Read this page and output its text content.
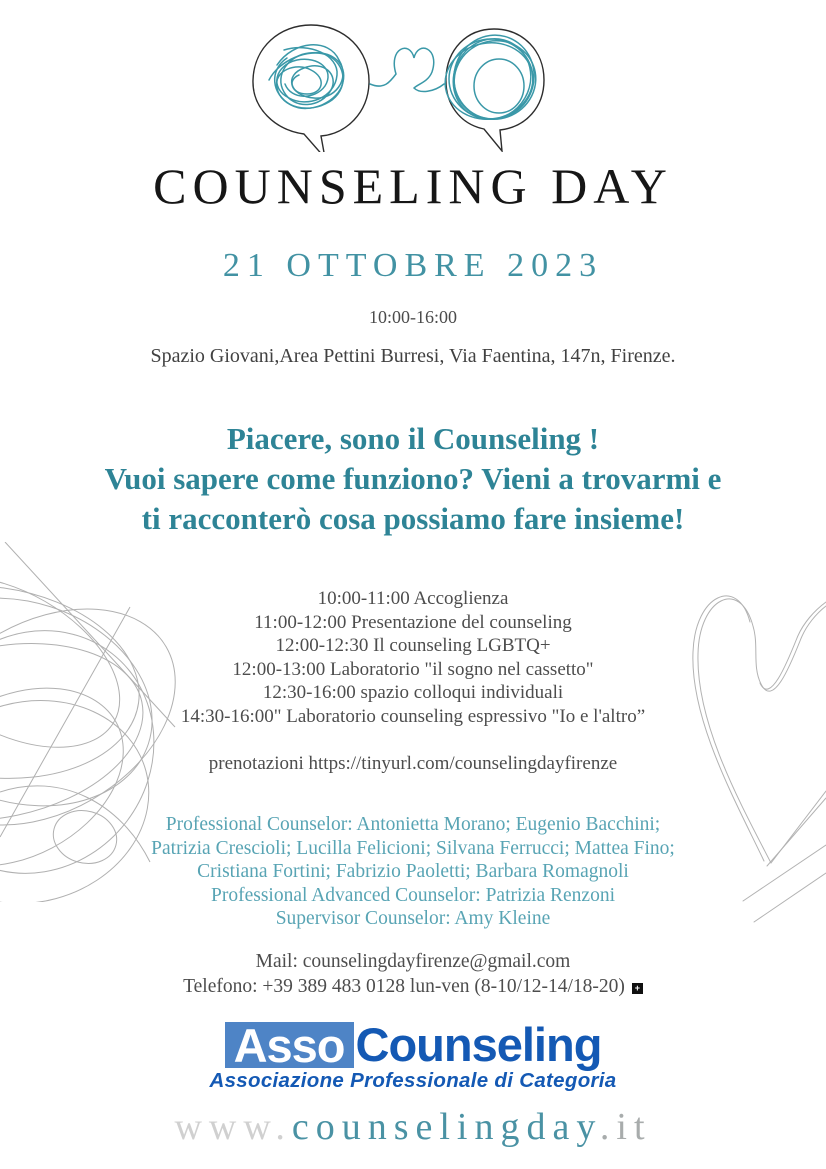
COUNSELING DAY
21 OTTOBRE 2023
10:00-16:00
Spazio Giovani,Area Pettini Burresi, Via Faentina, 147n, Firenze.
Piacere, sono il Counseling !
Vuoi sapere come funziono? Vieni a trovarmi e
ti racconterò cosa possiamo fare insieme!
10:00-11:00 Accoglienza
11:00-12:00 Presentazione del counseling
12:00-12:30 Il counseling LGBTQ+
12:00-13:00 Laboratorio "il sogno nel cassetto"
12:30-16:00 spazio colloqui individuali
14:30-16:00" Laboratorio counseling espressivo "Io e l'altro”
prenotazioni https://tinyurl.com/counselingdayfirenze
Professional Counselor: Antonietta Morano; Eugenio Bacchini;
Patrizia Crescioli; Lucilla Felicioni; Silvana Ferrucci; Mattea Fino;
Cristiana Fortini; Fabrizio Paoletti; Barbara Romagnoli
Professional Advanced Counselor: Patrizia Renzoni
Supervisor Counselor: Amy Kleine
Mail: counselingdayfirenze@gmail.com
Telefono: +39 389 483 0128 lun-ven (8-10/12-14/18-20) +
Asso Counseling
Associazione Professionale di Categoria
www.counselingday.it
